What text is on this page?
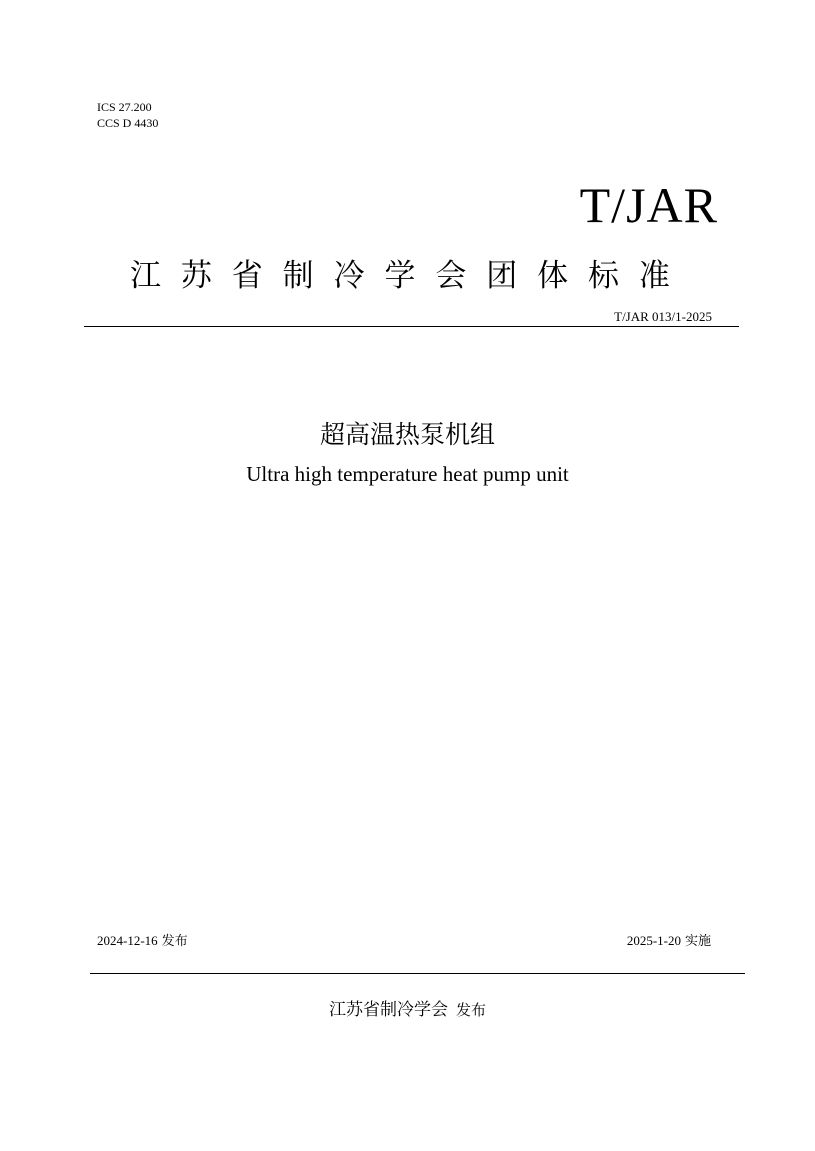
ICS 27.200
CCS D 4430
T/JAR
江 苏 省 制 冷 学 会 团 体 标 准
T/JAR 013/1-2025
超高温热泵机组
Ultra high temperature heat pump unit
2024-12-16 发布	2025-1-20 实施
江苏省制冷学会 发布
